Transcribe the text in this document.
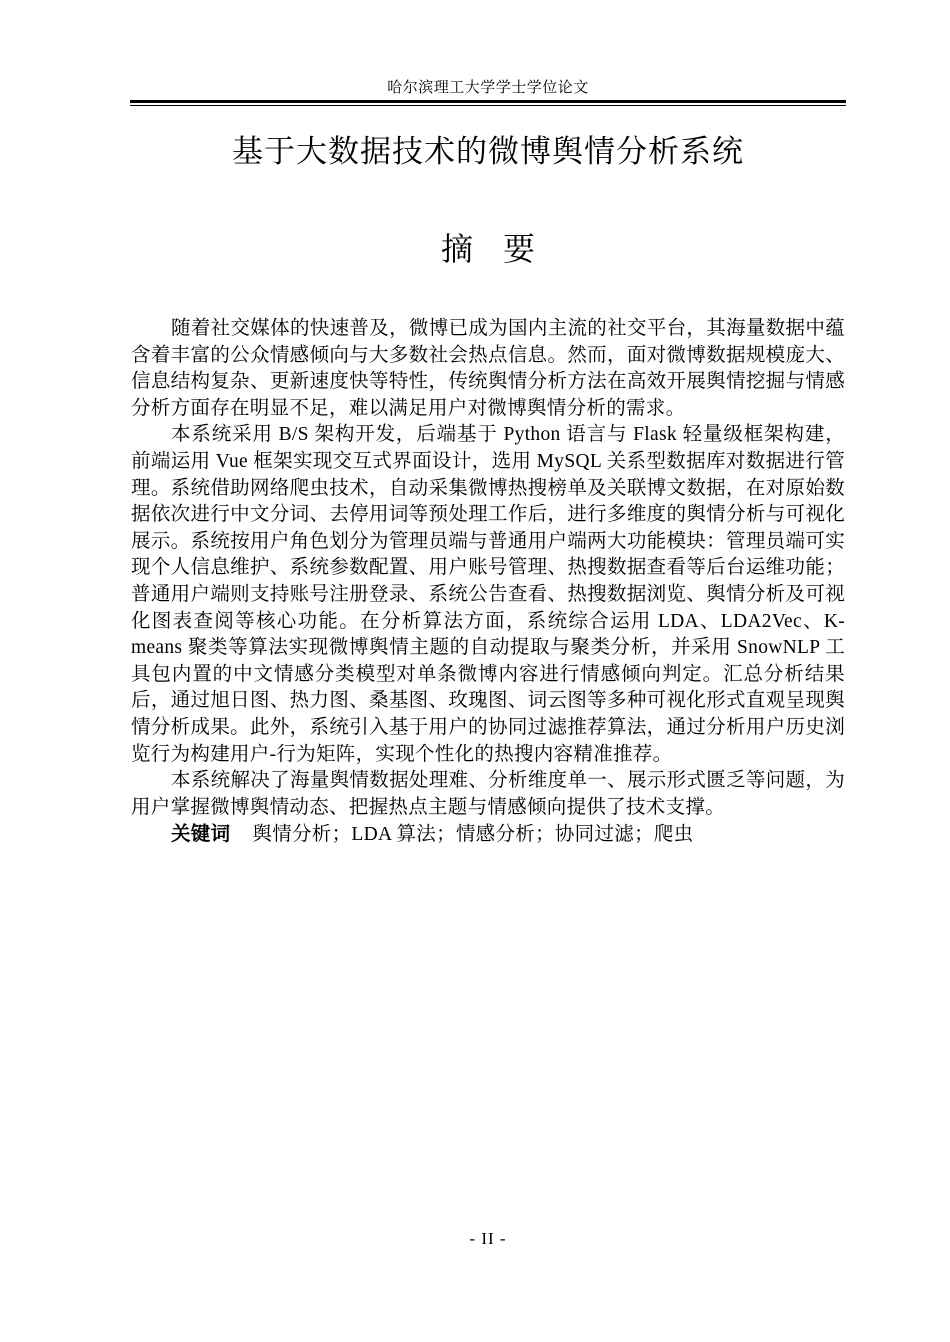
哈尔滨理工大学学士学位论文
基于大数据技术的微博舆情分析系统
摘 要

随着社交媒体的快速普及，微博已成为国内主流的社交平台，其海量数据中蕴含着丰富的公众情感倾向与大多数社会热点信息。然而，面对微博数据规模庞大、信息结构复杂、更新速度快等特性，传统舆情分析方法在高效开展舆情挖掘与情感分析方面存在明显不足，难以满足用户对微博舆情分析的需求。

本系统采用 B/S 架构开发，后端基于 Python 语言与 Flask 轻量级框架构建，前端运用 Vue 框架实现交互式界面设计，选用 MySQL 关系型数据库对数据进行管理。系统借助网络爬虫技术，自动采集微博热搜榜单及关联博文数据，在对原始数据依次进行中文分词、去停用词等预处理工作后，进行多维度的舆情分析与可视化展示。系统按用户角色划分为管理员端与普通用户端两大功能模块：管理员端可实现个人信息维护、系统参数配置、用户账号管理、热搜数据查看等后台运维功能；普通用户端则支持账号注册登录、系统公告查看、热搜数据浏览、舆情分析及可视化图表查阅等核心功能。在分析算法方面，系统综合运用 LDA、LDA2Vec、K-means 聚类等算法实现微博舆情主题的自动提取与聚类分析，并采用 SnowNLP 工具包内置的中文情感分类模型对单条微博内容进行情感倾向判定。汇总分析结果后，通过旭日图、热力图、桑基图、玫瑰图、词云图等多种可视化形式直观呈现舆情分析成果。此外，系统引入基于用户的协同过滤推荐算法，通过分析用户历史浏览行为构建用户-行为矩阵，实现个性化的热搜内容精准推荐。

本系统解决了海量舆情数据处理难、分析维度单一、展示形式匮乏等问题，为用户掌握微博舆情动态、把握热点主题与情感倾向提供了技术支撑。

关键词 舆情分析；LDA 算法；情感分析；协同过滤；爬虫

- II -
